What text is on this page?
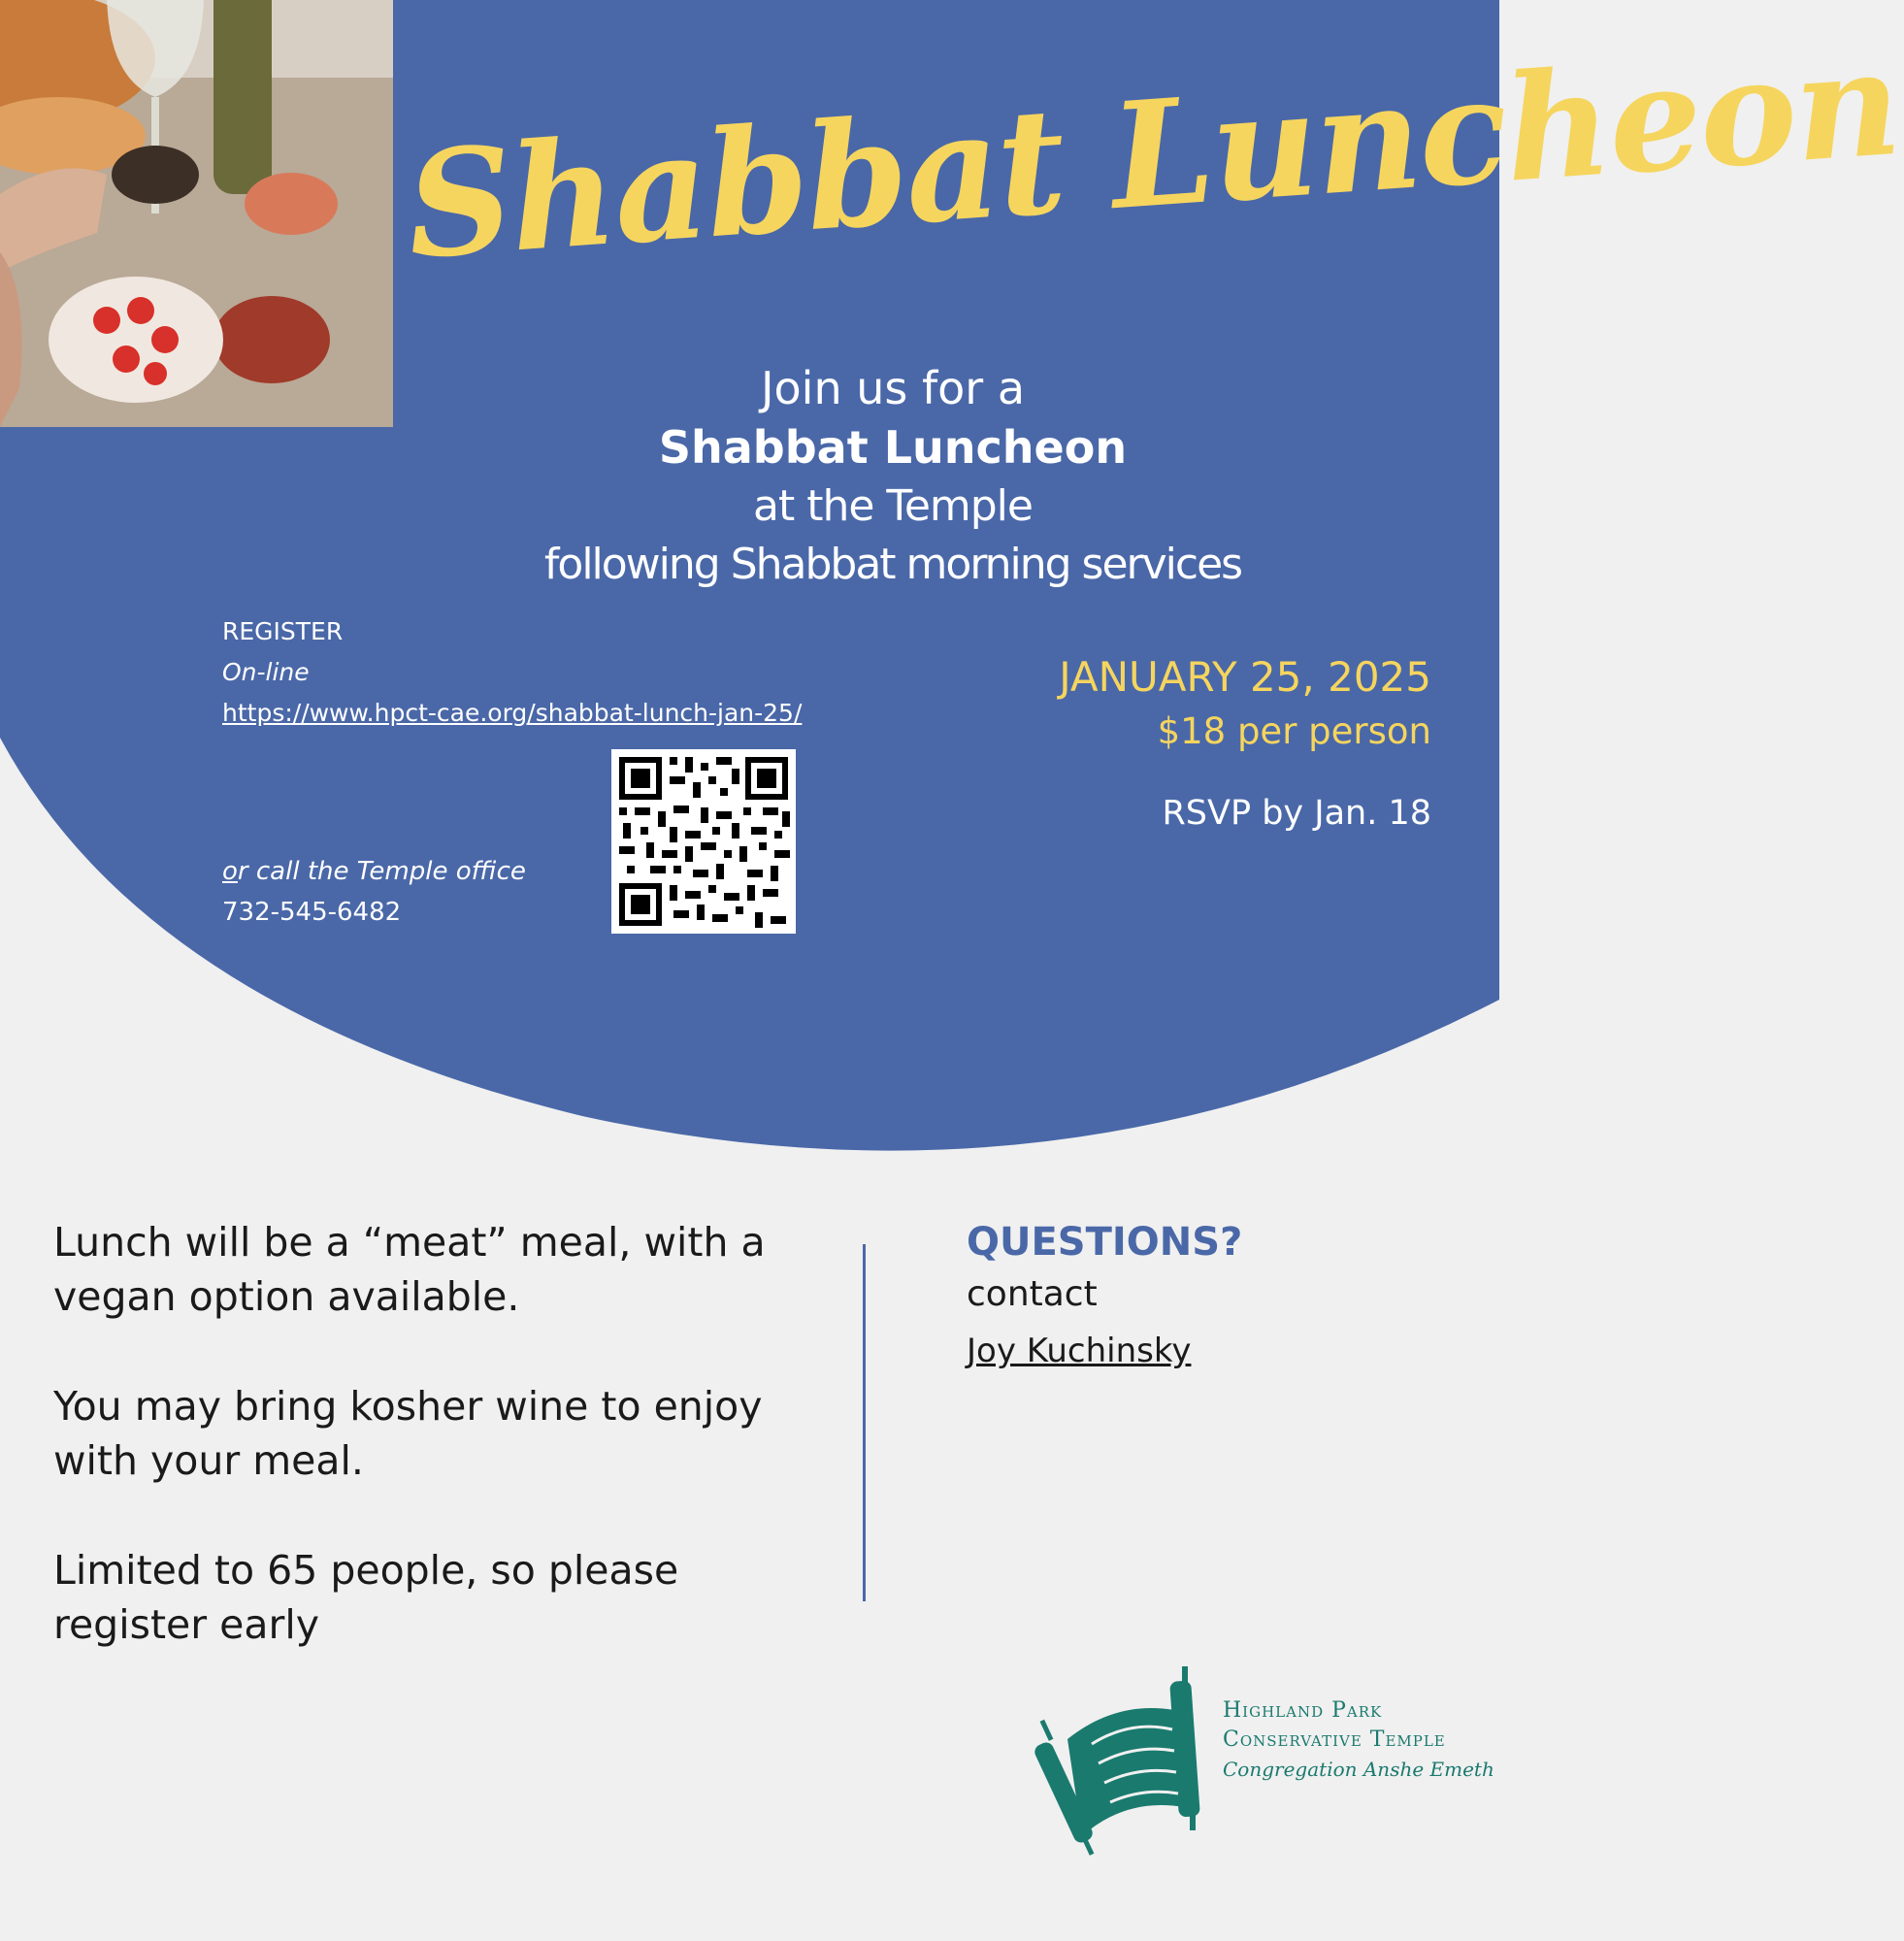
Shabbat Luncheon
Join us for a
Shabbat Luncheon
at the Temple
following Shabbat morning services
REGISTER
On-line
https://www.hpct-cae.org/shabbat-lunch-jan-25/
or call the Temple office
732-545-6482
JANUARY 25, 2025
$18 per person
RSVP by Jan. 18

Lunch will be a “meat” meal, with a vegan option available.

You may bring kosher wine to enjoy with your meal.

Limited to 65 people, so please register early

QUESTIONS?
contact
Joy Kuchinsky
Highland Park
Conservative Temple
Congregation Anshe Emeth
